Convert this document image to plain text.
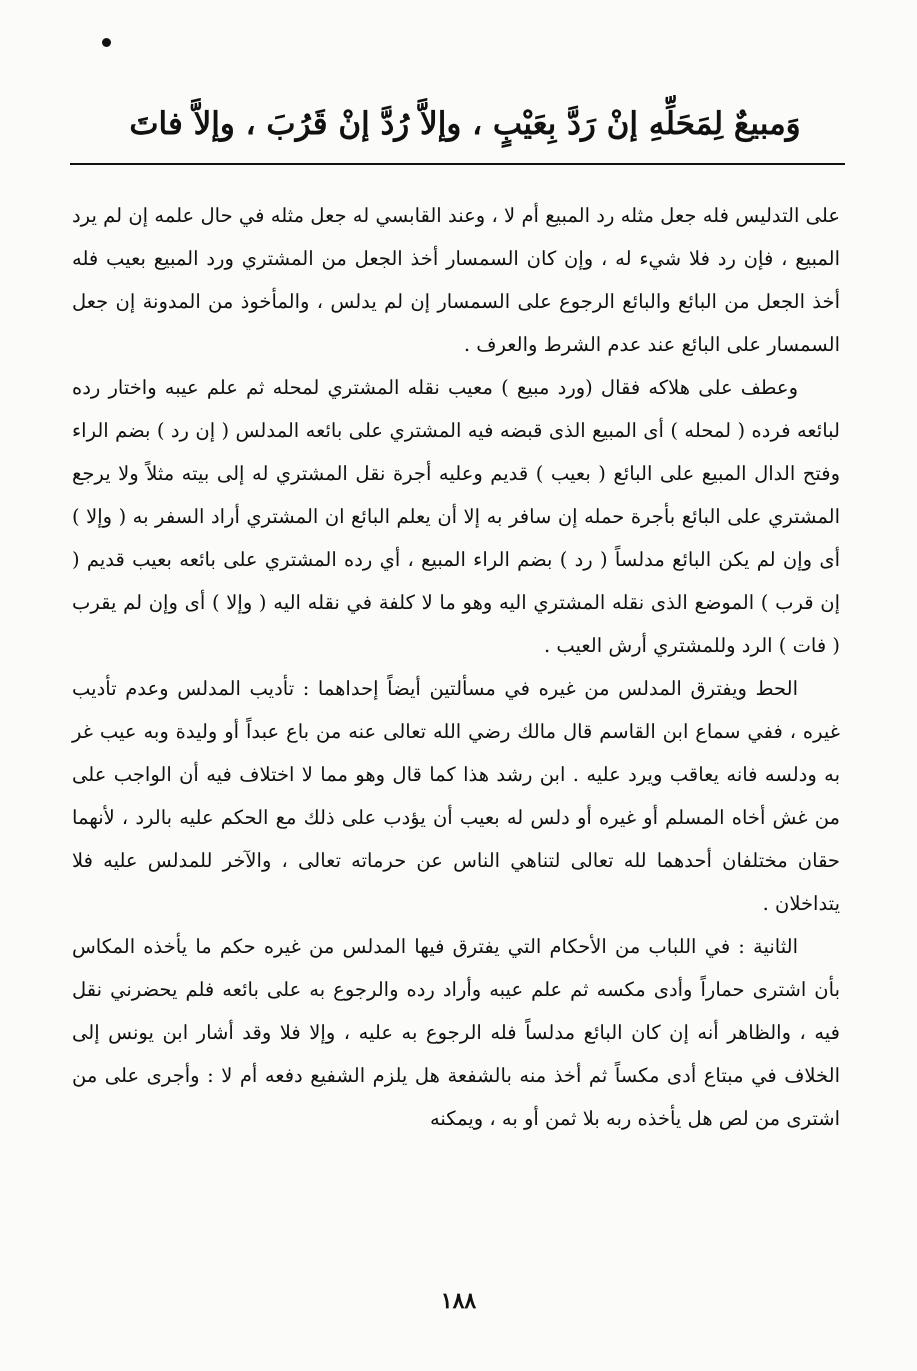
وَمبيعٌ لِمَحَلِّهِ إنْ رَدَّ بِعَيْبٍ ، وإلاَّ رُدَّ إنْ قَرُبَ ، وإلاَّ فاتَ

على التدليس فله جعل مثله رد المبيع أم لا ، وعند القابسي له جعل مثله في حال علمه إن لم يرد المبيع ، فإن رد فلا شيء له ، وإن كان السمسار أخذ الجعل من المشتري ورد المبيع بعيب فله أخذ الجعل من البائع والبائع الرجوع على السمسار إن لم يدلس ، والمأخوذ من المدونة إن جعل السمسار على البائع عند عدم الشرط والعرف .

وعطف على هلاكه فقال (ورد مبيع ) معيب نقله المشتري لمحله ثم علم عيبه واختار رده لبائعه فرده ( لمحله ) أى المبيع الذى قبضه فيه المشتري على بائعه المدلس ( إن رد ) بضم الراء وفتح الدال المبيع على البائع ( بعيب ) قديم وعليه أجرة نقل المشتري له إلى بيته مثلاً ولا يرجع المشتري على البائع بأجرة حمله إن سافر به إلا أن يعلم البائع ان المشتري أراد السفر به ( وإلا ) أى وإن لم يكن البائع مدلساً ( رد ) بضم الراء المبيع ، أي رده المشتري على بائعه بعيب قديم ( إن قرب ) الموضع الذى نقله المشتري اليه وهو ما لا كلفة في نقله اليه ( وإلا ) أى وإن لم يقرب ( فات ) الرد وللمشتري أرش العيب .

الحط ويفترق المدلس من غيره في مسألتين أيضاً إحداهما : تأديب المدلس وعدم تأديب غيره ، ففي سماع ابن القاسم قال مالك رضي الله تعالى عنه من باع عبداً أو وليدة وبه عيب غر به ودلسه فانه يعاقب ويرد عليه . ابن رشد هذا كما قال وهو مما لا اختلاف فيه أن الواجب على من غش أخاه المسلم أو غيره أو دلس له بعيب أن يؤدب على ذلك مع الحكم عليه بالرد ، لأنهما حقان مختلفان أحدهما لله تعالى لتناهي الناس عن حرماته تعالى ، والآخر للمدلس عليه فلا يتداخلان .

الثانية : في اللباب من الأحكام التي يفترق فيها المدلس من غيره حكم ما يأخذه المكاس بأن اشترى حماراً وأدى مكسه ثم علم عيبه وأراد رده والرجوع به على بائعه فلم يحضرني نقل فيه ، والظاهر أنه إن كان البائع مدلساً فله الرجوع به عليه ، وإلا فلا وقد أشار ابن يونس إلى الخلاف في مبتاع أدى مكساً ثم أخذ منه بالشفعة هل يلزم الشفيع دفعه أم لا : وأجرى على من اشترى من لص هل يأخذه ربه بلا ثمن أو به ، ويمكنه

١٨٨
